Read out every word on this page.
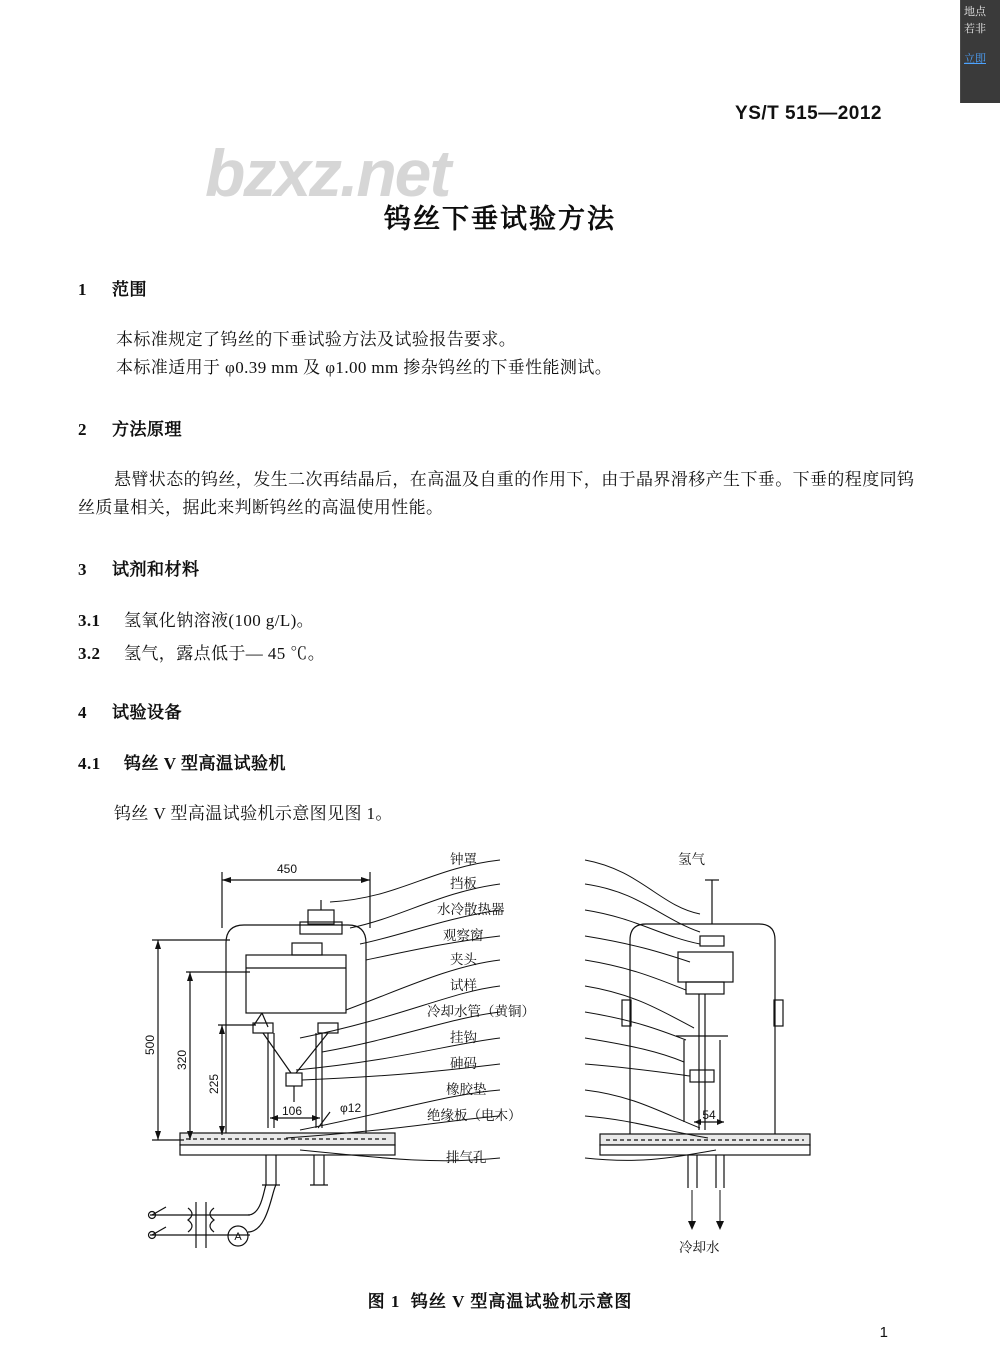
YS/T 515—2012
bzxz.net
钨丝下垂试验方法
1 范围
本标准规定了钨丝的下垂试验方法及试验报告要求。
本标准适用于 φ0.39 mm 及 φ1.00 mm 掺杂钨丝的下垂性能测试。
2 方法原理
悬臂状态的钨丝，发生二次再结晶后，在高温及自重的作用下，由于晶界滑移产生下垂。下垂的程度同钨丝质量相关，据此来判断钨丝的高温使用性能。
3 试剂和材料
3.1 氢氧化钠溶液(100 g/L)。
3.2 氢气，露点低于— 45 ℃。
4 试验设备
4.1 钨丝 V 型高温试验机
钨丝 V 型高温试验机示意图见图 1。
450
500
320
225
106	φ12	54
A
钟罩
挡板
水冷散热器
观察窗
夹头
试样
冷却水管（黄铜）
挂钩
砷码
橡胶垫
绝缘板（电木）
排气孔
氢气
冷却水
图 1  钨丝 V 型高温试验机示意图
1
地点
若非
立即
